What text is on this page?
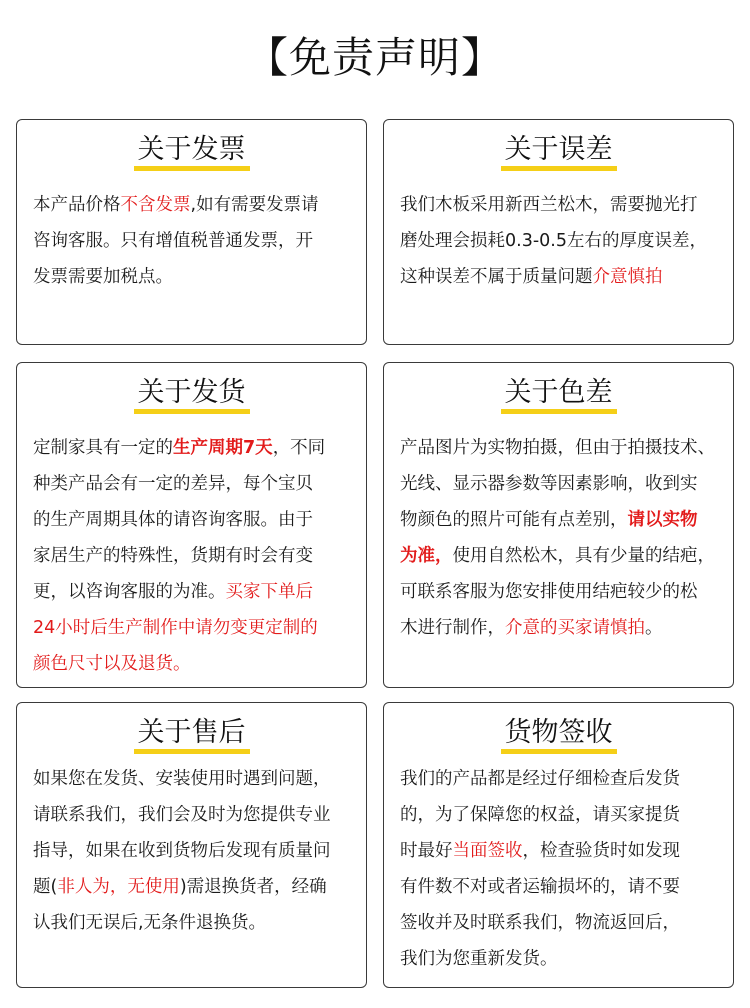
【免责声明】
关于发票
本产品价格不含发票,如有需要发票请
咨询客服。只有增值税普通发票，开
发票需要加税点。
关于误差
我们木板采用新西兰松木，需要抛光打
磨处理会损耗0.3-0.5左右的厚度误差，
这种误差不属于质量问题介意慎拍
关于发货
定制家具有一定的生产周期7天，不同
种类产品会有一定的差异，每个宝贝
的生产周期具体的请咨询客服。由于
家居生产的特殊性，货期有时会有变
更，以咨询客服的为准。买家下单后
24小时后生产制作中请勿变更定制的
颜色尺寸以及退货。
关于色差
产品图片为实物拍摄，但由于拍摄技术、
光线、显示器参数等因素影响，收到实
物颜色的照片可能有点差别，请以实物
为准，使用自然松木，具有少量的结疤，
可联系客服为您安排使用结疤较少的松
木进行制作，介意的买家请慎拍。
关于售后
如果您在发货、安装使用时遇到问题，
请联系我们，我们会及时为您提供专业
指导，如果在收到货物后发现有质量问
题(非人为，无使用)需退换货者，经确
认我们无误后,无条件退换货。
货物签收
我们的产品都是经过仔细检查后发货
的，为了保障您的权益，请买家提货
时最好当面签收，检查验货时如发现
有件数不对或者运输损坏的，请不要
签收并及时联系我们，物流返回后，
我们为您重新发货。
